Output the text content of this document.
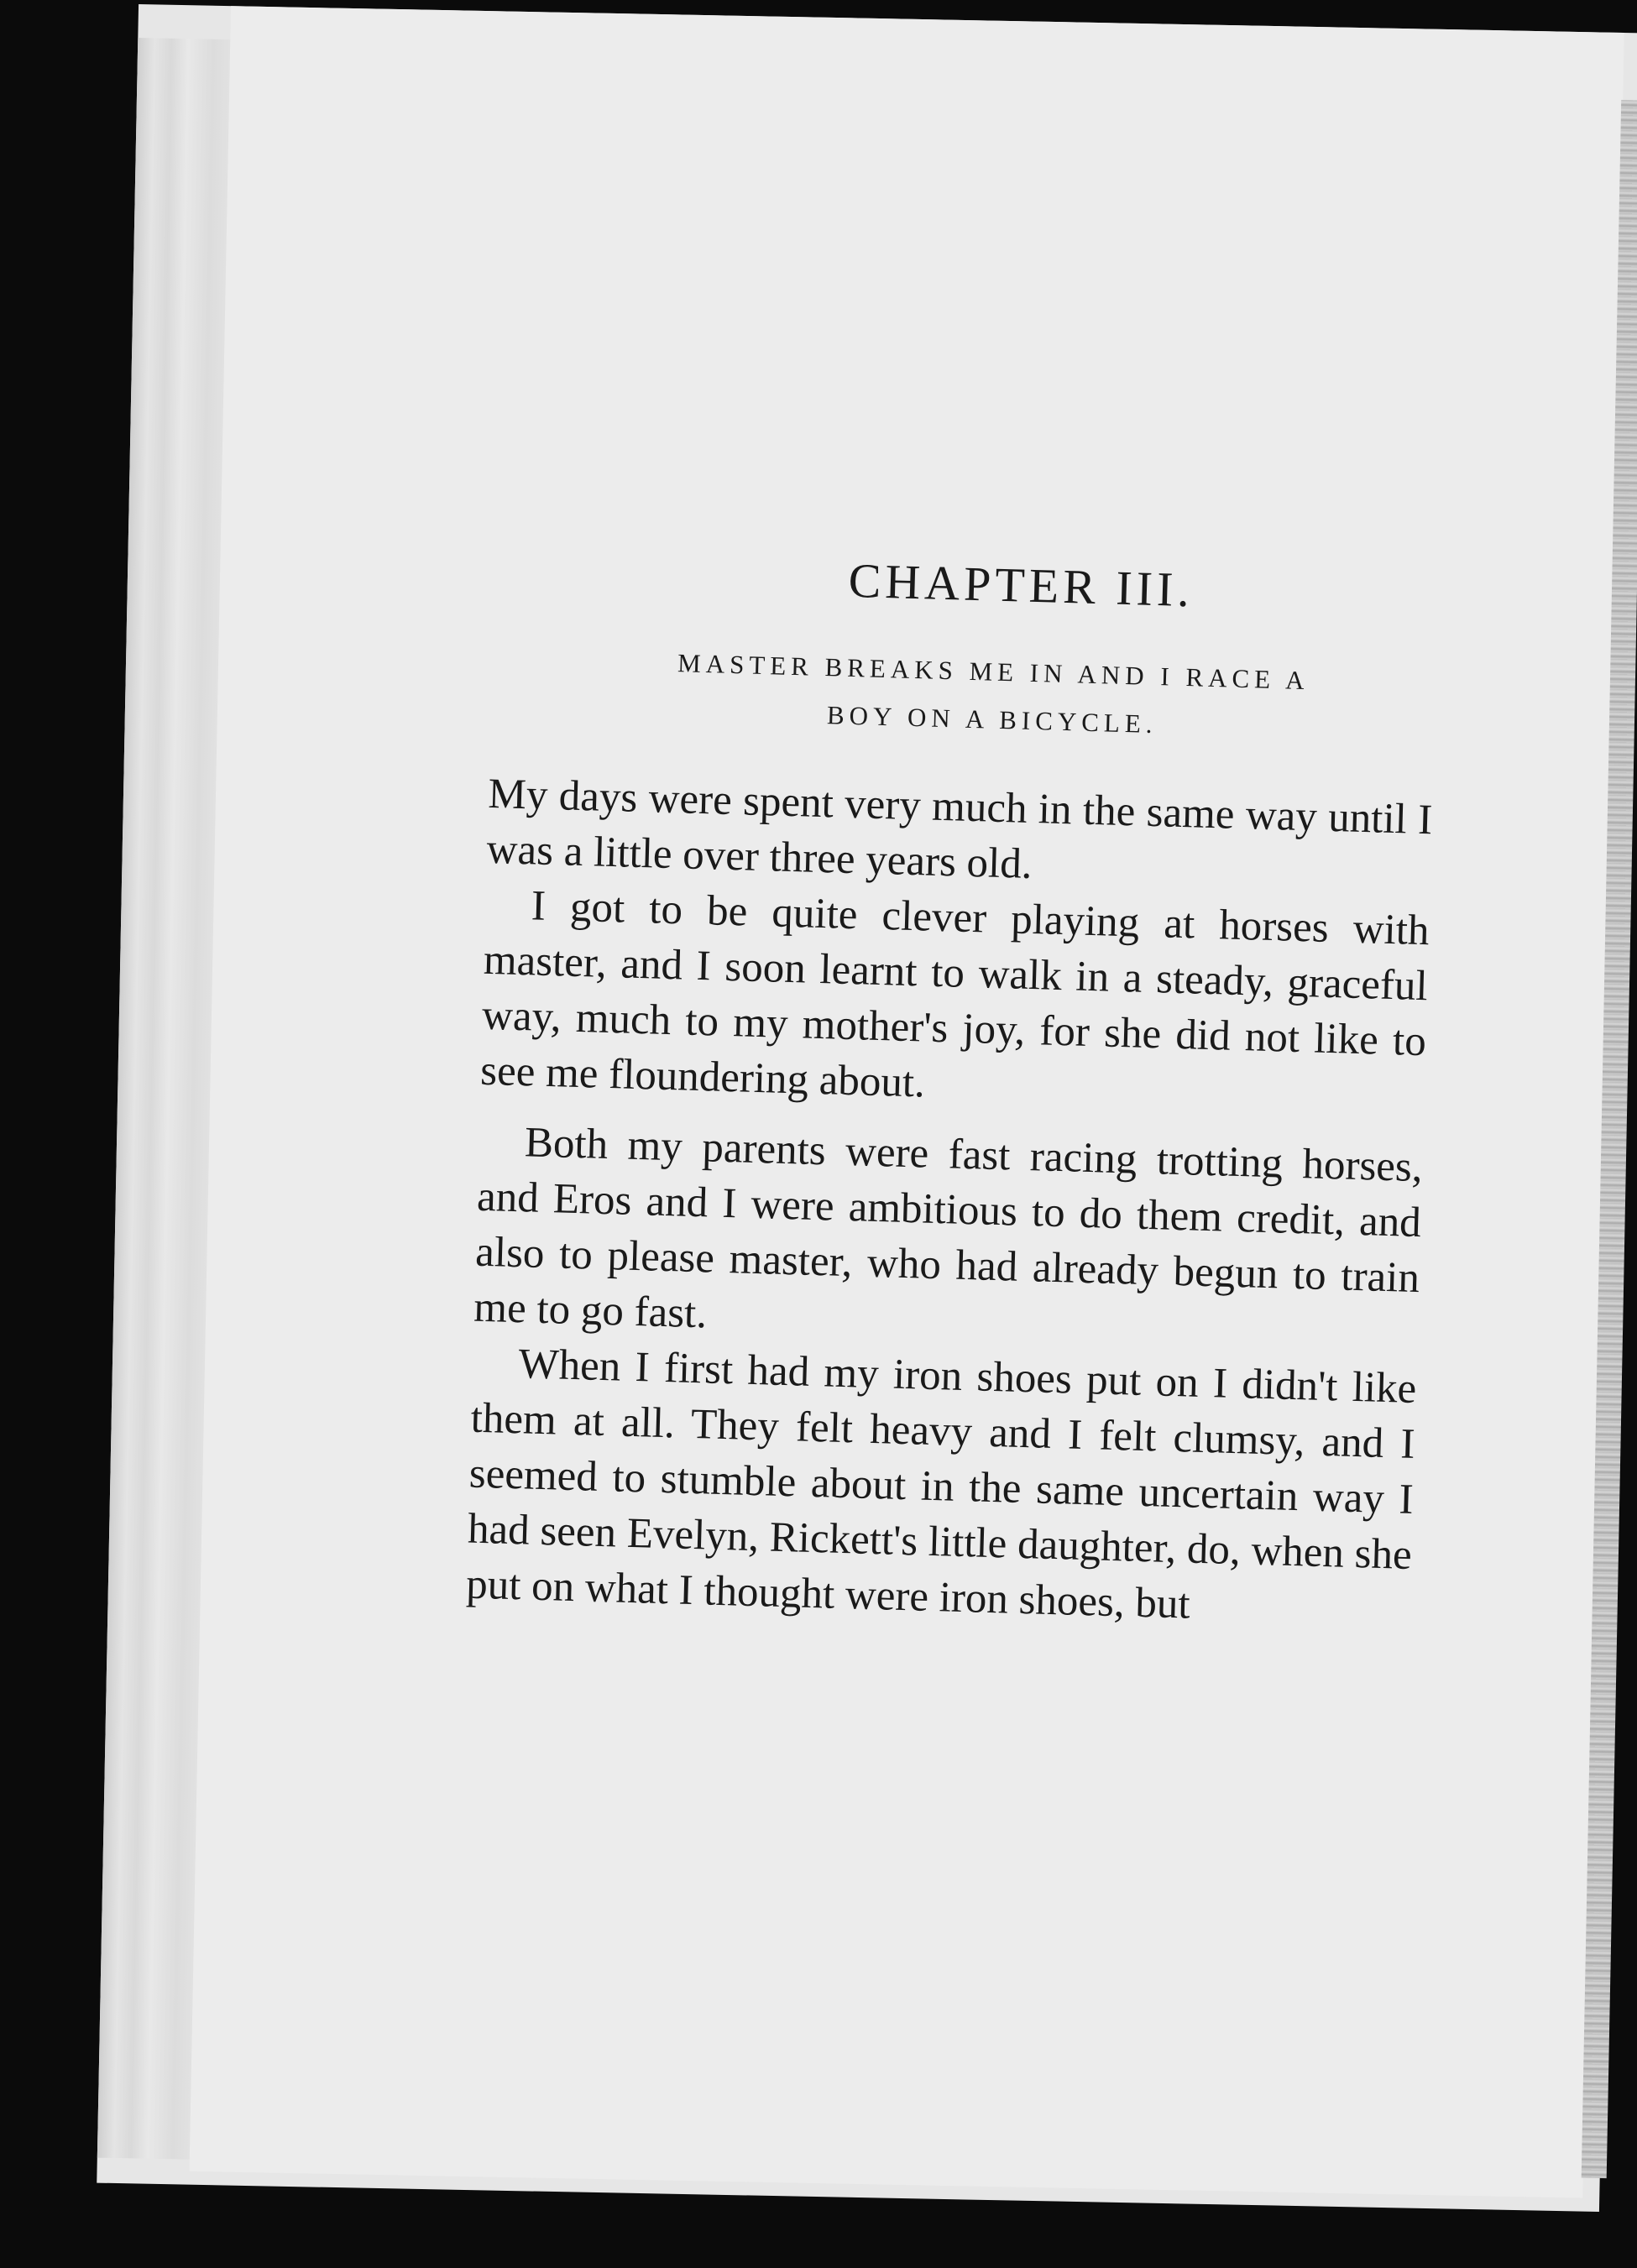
CHAPTER III.
MASTER BREAKS ME IN AND I RACE A
BOY ON A BICYCLE.

My days were spent very much in the same way until I was a little over three years old.

I got to be quite clever playing at horses with master, and I soon learnt to walk in a steady, graceful way, much to my mother's joy, for she did not like to see me floundering about.

Both my parents were fast racing trotting horses, and Eros and I were ambitious to do them credit, and also to please master, who had already begun to train me to go fast.

When I first had my iron shoes put on I didn't like them at all. They felt heavy and I felt clumsy, and I seemed to stumble about in the same uncertain way I had seen Evelyn, Rickett's little daughter, do, when she put on what I thought were iron shoes, but
